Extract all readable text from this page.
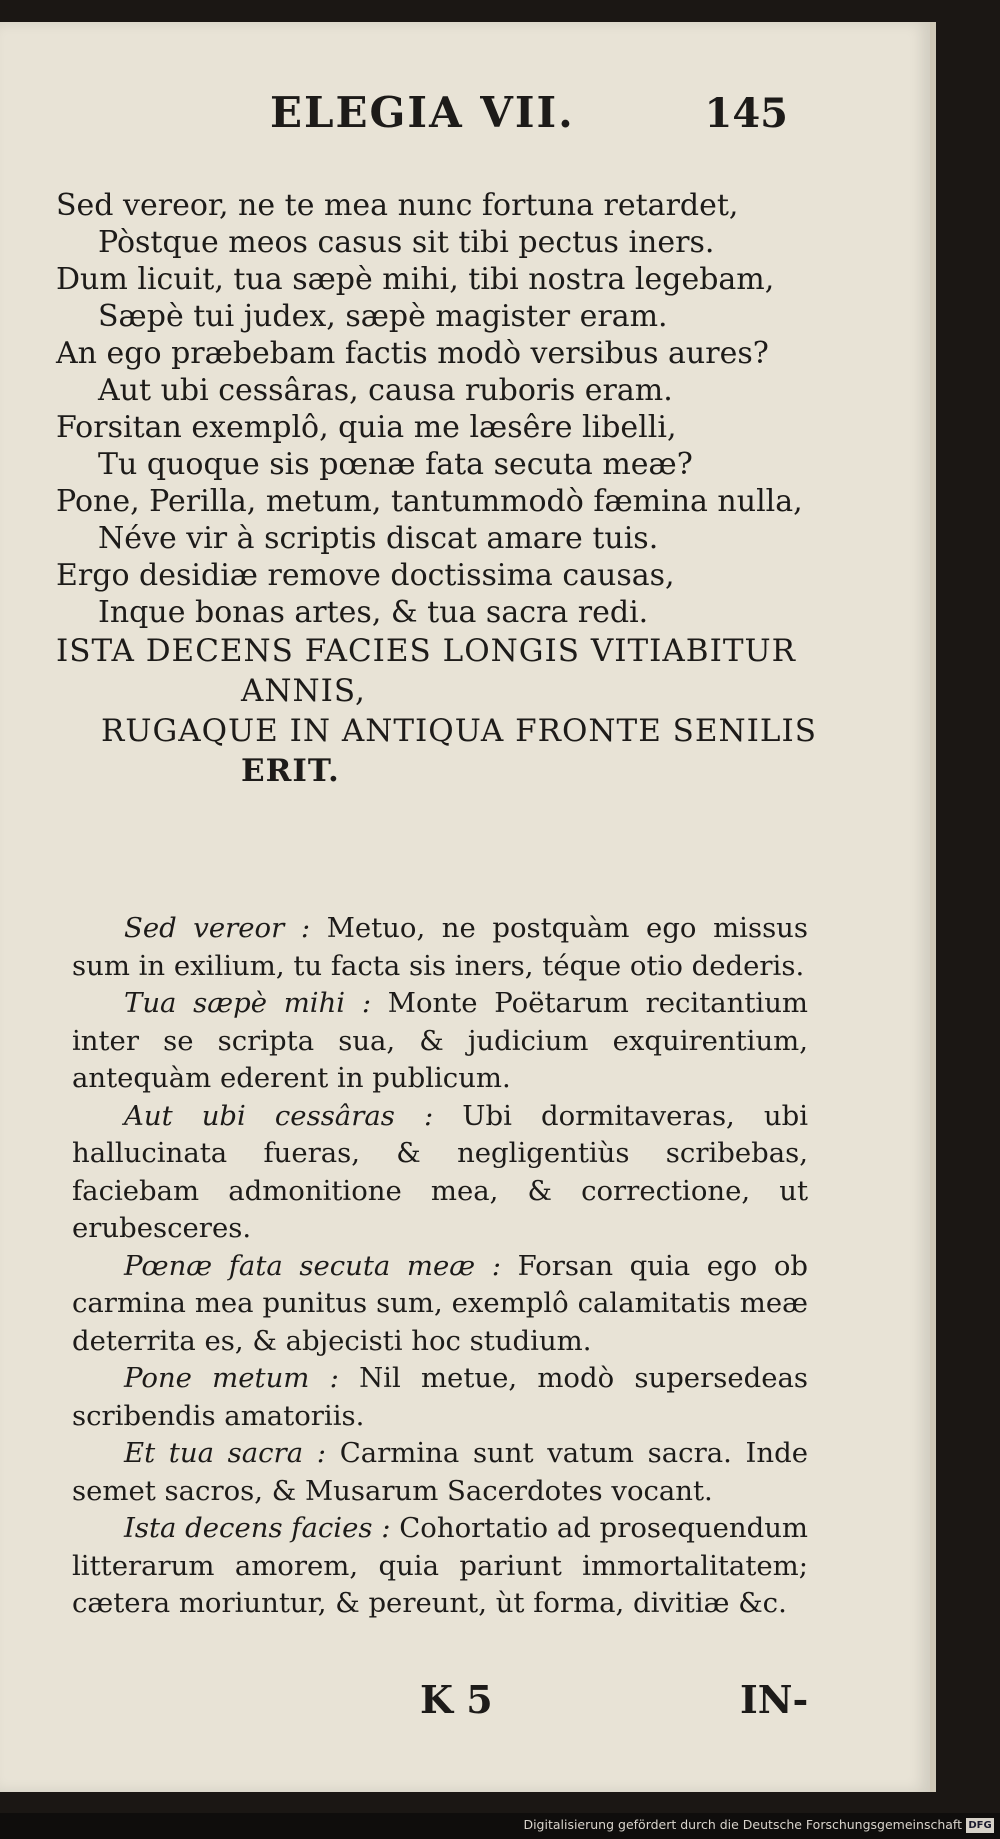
ELEGIA VII.	145
Sed vereor, ne te mea nunc fortuna retardet,
Pòstque meos casus sit tibi pectus iners.
Dum licuit, tua sæpè mihi, tibi nostra legebam,
Sæpè tui judex, sæpè magister eram.
An ego præbebam factis modò versibus aures?
Aut ubi cessâras, causa ruboris eram.
Forsitan exemplô, quia me læsêre libelli,
Tu quoque sis pœnæ fata secuta meæ?
Pone, Perilla, metum, tantummodò fæmina nulla,
Néve vir à scriptis discat amare tuis.
Ergo desidiæ remove doctissima causas,
Inque bonas artes, & tua sacra redi.
ISTA DECENS FACIES LONGIS VITIABITUR
ANNIS,
RUGAQUE IN ANTIQUA FRONTE SENILIS
ERIT.

Sed vereor : Metuo, ne postquàm ego missus sum in exilium, tu facta sis iners, téque otio dederis.

Tua sæpè mihi : Monte Poëtarum recitantium inter se scripta sua, & judicium exquirentium, antequàm ederent in publicum.

Aut ubi cessâras : Ubi dormitaveras, ubi hallucinata fueras, & negligentiùs scribebas, faciebam admonitione mea, & correctione, ut erubesceres.

Pœnæ fata secuta meæ : Forsan quia ego ob carmina mea punitus sum, exemplô calamitatis meæ deterrita es, & abjecisti hoc studium.

Pone metum : Nil metue, modò supersedeas scribendis amatoriis.

Et tua sacra : Carmina sunt vatum sacra. Inde semet sacros, & Musarum Sacerdotes vocant.

Ista decens facies : Cohortatio ad prosequendum litterarum amorem, quia pariunt immortalitatem; cætera moriuntur, & pereunt, ùt forma, divitiæ &c.

K 5	IN-
Digitalisierung gefördert durch die Deutsche Forschungsgemeinschaft DFG
